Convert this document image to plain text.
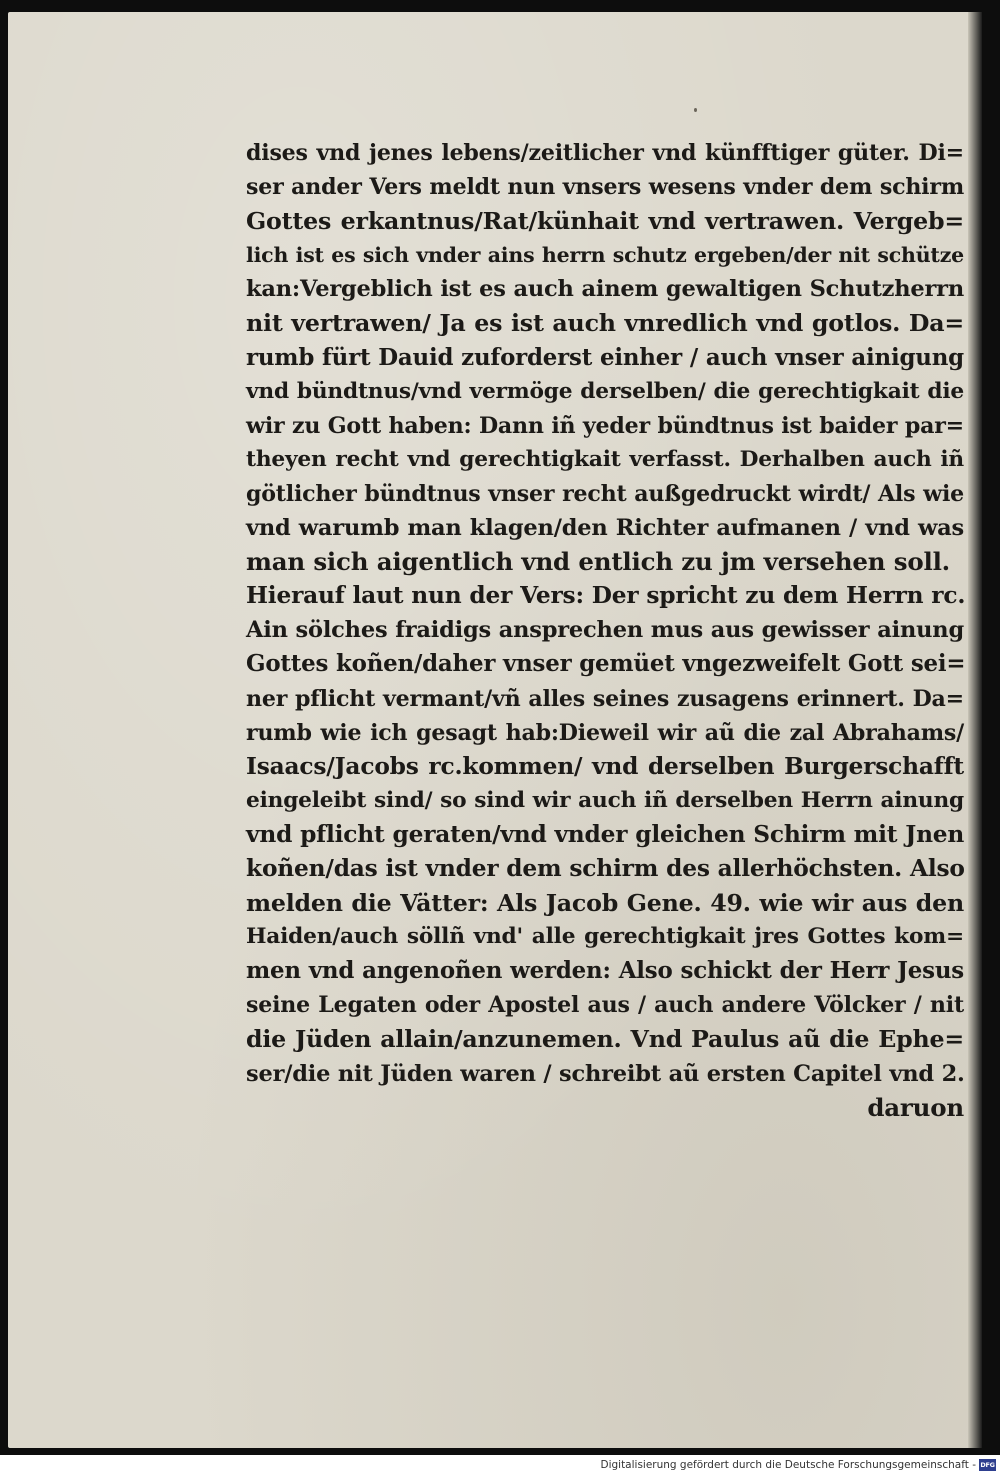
dises vnd jenes lebens/zeitlicher vnd künfftiger güter. Di=
ser ander Vers meldt nun vnsers wesens vnder dem schirm
Gottes erkantnus/Rat/künhait vnd vertrawen. Vergeb=
lich ist es sich vnder ains herrn schutz ergeben/der nit schütze
kan:Vergeblich ist es auch ainem gewaltigen Schutzherrn
nit vertrawen/ Ja es ist auch vnredlich vnd gotlos. Da=
rumb fürt Dauid zuforderst einher / auch vnser ainigung
vnd bündtnus/vnd vermöge derselben/ die gerechtigkait die
wir zu Gott haben: Dann iñ yeder bündtnus ist baider par=
theyen recht vnd gerechtigkait verfasst. Derhalben auch iñ
götlicher bündtnus vnser recht außgedruckt wirdt/ Als wie
vnd warumb man klagen/den Richter aufmanen / vnd was
man sich aigentlich vnd entlich zu jm versehen soll.
Hierauf laut nun der Vers: Der spricht zu dem Herrn rc.
Ain sölches fraidigs ansprechen mus aus gewisser ainung
Gottes koñen/daher vnser gemüet vngezweifelt Gott sei=
ner pflicht vermant/vñ alles seines zusagens erinnert. Da=
rumb wie ich gesagt hab:Dieweil wir aũ die zal Abrahams/
Isaacs/Jacobs rc.kommen/ vnd derselben Burgerschafft
eingeleibt sind/ so sind wir auch iñ derselben Herrn ainung
vnd pflicht geraten/vnd vnder gleichen Schirm mit Jnen
koñen/das ist vnder dem schirm des allerhöchsten. Also
melden die Vätter: Als Jacob Gene. 49. wie wir aus den
Haiden/auch söllñ vnd' alle gerechtigkait jres Gottes kom=
men vnd angenoñen werden: Also schickt der Herr Jesus
seine Legaten oder Apostel aus / auch andere Völcker / nit
die Jüden allain/anzunemen. Vnd Paulus aũ die Ephe=
ser/die nit Jüden waren / schreibt aũ ersten Capitel vnd 2.
daruon
Digitalisierung gefördert durch die Deutsche Forschungsgemeinschaft - DFG
